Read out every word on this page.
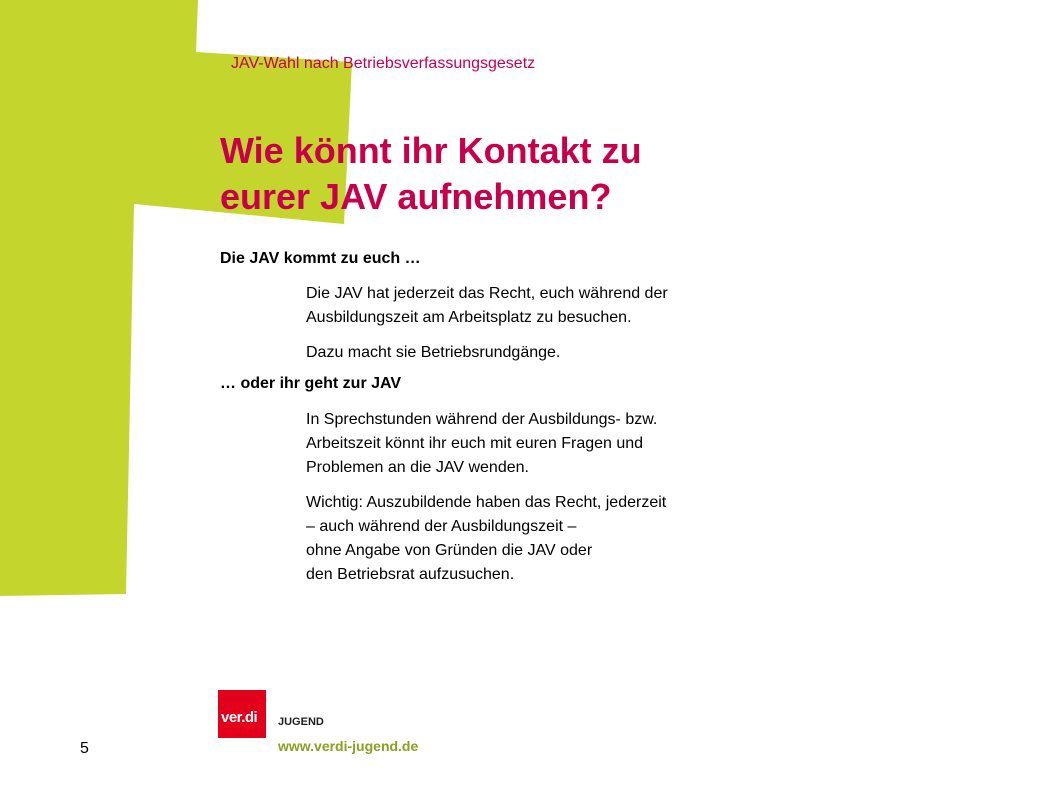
JAV-Wahl nach Betriebsverfassungsgesetz
Wie könnt ihr Kontakt zu
eurer JAV aufnehmen?
Die JAV kommt zu euch …
Die JAV hat jederzeit das Recht, euch während der
Ausbildungszeit am Arbeitsplatz zu besuchen.
Dazu macht sie Betriebsrundgänge.
… oder ihr geht zur JAV
In Sprechstunden während der Ausbildungs- bzw.
Arbeitszeit könnt ihr euch mit euren Fragen und
Problemen an die JAV wenden.
Wichtig: Auszubildende haben das Recht, jederzeit
– auch während der Ausbildungszeit –
ohne Angabe von Gründen die JAV oder
den Betriebsrat aufzusuchen.
5
ver.di JUGEND
www.verdi-jugend.de
